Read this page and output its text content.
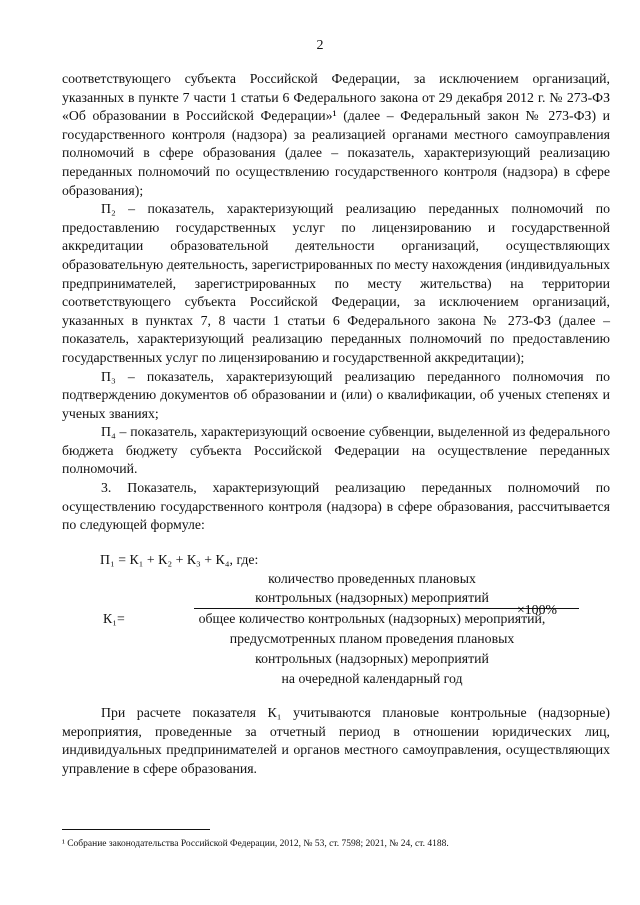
2

соответствующего субъекта Российской Федерации, за исключением организаций, указанных в пункте 7 части 1 статьи 6 Федерального закона от 29 декабря 2012 г. № 273-ФЗ «Об образовании в Российской Федерации»¹ (далее – Федеральный закон № 273-ФЗ) и государственного контроля (надзора) за реализацией органами местного самоуправления полномочий в сфере образования (далее – показатель, характеризующий реализацию переданных полномочий по осуществлению государственного контроля (надзора) в сфере образования);

П₂ – показатель, характеризующий реализацию переданных полномочий по предоставлению государственных услуг по лицензированию и государственной аккредитации образовательной деятельности организаций, осуществляющих образовательную деятельность, зарегистрированных по месту нахождения (индивидуальных предпринимателей, зарегистрированных по месту жительства) на территории соответствующего субъекта Российской Федерации, за исключением организаций, указанных в пунктах 7, 8 части 1 статьи 6 Федерального закона № 273-ФЗ (далее – показатель, характеризующий реализацию переданных полномочий по предоставлению государственных услуг по лицензированию и государственной аккредитации);

П₃ – показатель, характеризующий реализацию переданного полномочия по подтверждению документов об образовании и (или) о квалификации, об ученых степенях и ученых званиях;

П₄ – показатель, характеризующий освоение субвенции, выделенной из федерального бюджета бюджету субъекта Российской Федерации на осуществление переданных полномочий.

3. Показатель, характеризующий реализацию переданных полномочий по осуществлению государственного контроля (надзора) в сфере образования, рассчитывается по следующей формуле:

П₁ = К₁ + К₂ + К₃ + К₄, где:
количество проведенных плановых
контрольных (надзорных) мероприятий
К₁=
×100%
общее количество контрольных (надзорных) мероприятий,
предусмотренных планом проведения плановых
контрольных (надзорных) мероприятий
на очередной календарный год

При расчете показателя К₁ учитываются плановые контрольные (надзорные) мероприятия, проведенные за отчетный период в отношении юридических лиц, индивидуальных предпринимателей и органов местного самоуправления, осуществляющих управление в сфере образования.

¹ Собрание законодательства Российской Федерации, 2012, № 53, ст. 7598; 2021, № 24, ст. 4188.
